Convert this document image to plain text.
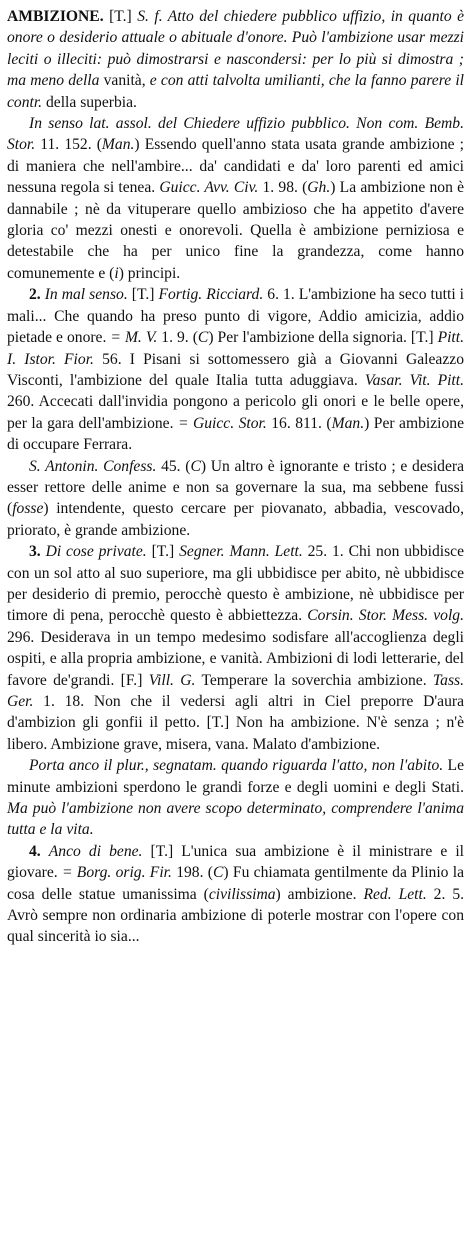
AMBIZIONE. [T.] S. f. Atto del chiedere pubblico uffizio, in quanto è onore o desiderio attuale o abituale d'onore. Può l'ambizione usar mezzi leciti o illeciti: può dimostrarsi e nascondersi: per lo più si dimostra ; ma meno della vanità, e con atti talvolta umilianti, che la fanno parere il contr. della superbia.

In senso lat. assol. del Chiedere uffizio pubblico. Non com. Bemb. Stor. 11. 152. (Man.) Essendo quell'anno stata usata grande ambizione ; di maniera che nell'ambire... da' candidati e da' loro parenti ed amici nessuna regola si tenea. Guicc. Avv. Civ. 1. 98. (Gh.) La ambizione non è dannabile ; nè da vituperare quello ambizioso che ha appetito d'avere gloria co' mezzi onesti e onorevoli. Quella è ambizione perniziosa e detestabile che ha per unico fine la grandezza, come hanno comunemente e (i) principi.

2. In mal senso. [T.] Fortig. Ricciard. 6. 1. L'ambizione ha seco tutti i mali... Che quando ha preso punto di vigore, Addio amicizia, addio pietade e onore. = M. V. 1. 9. (C) Per l'ambizione della signoria. [T.] Pitt. I. Istor. Fior. 56. I Pisani si sottomessero già a Giovanni Galeazzo Visconti, l'ambizione del quale Italia tutta aduggiava. Vasar. Vit. Pitt. 260. Accecati dall'invidia pongono a pericolo gli onori e le belle opere, per la gara dell'ambizione. = Guicc. Stor. 16. 811. (Man.) Per ambizione di occupare Ferrara.

S. Antonin. Confess. 45. (C) Un altro è ignorante e tristo ; e desidera esser rettore delle anime e non sa governare la sua, ma sebbene fussi (fosse) intendente, questo cercare per piovanato, abbadia, vescovado, priorato, è grande ambizione.

3. Di cose private. [T.] Segner. Mann. Lett. 25. 1. Chi non ubbidisce con un sol atto al suo superiore, ma gli ubbidisce per abito, nè ubbidisce per desiderio di premio, perocchè questo è ambizione, nè ubbidisce per timore di pena, perocchè questo è abbiettezza. Corsin. Stor. Mess. volg. 296. Desiderava in un tempo medesimo sodisfare all'accoglienza degli ospiti, e alla propria ambizione, e vanità. Ambizioni di lodi letterarie, del favore de'grandi. [F.] Vill. G. Temperare la soverchia ambizione. Tass. Ger. 1. 18. Non che il vedersi agli altri in Ciel preporre D'aura d'ambizion gli gonfii il petto. [T.] Non ha ambizione. N'è senza ; n'è libero. Ambizione grave, misera, vana. Malato d'ambizione.

Porta anco il plur., segnatam. quando riguarda l'atto, non l'abito. Le minute ambizioni sperdono le grandi forze e degli uomini e degli Stati. Ma può l'ambizione non avere scopo determinato, comprendere l'anima tutta e la vita.

4. Anco di bene. [T.] L'unica sua ambizione è il ministrare e il giovare. = Borg. orig. Fir. 198. (C) Fu chiamata gentilmente da Plinio la cosa delle statue umanissima (civilissima) ambizione. Red. Lett. 2. 5. Avrò sempre non ordinaria ambizione di poterle mostrar con l'opere con qual sincerità io sia...
